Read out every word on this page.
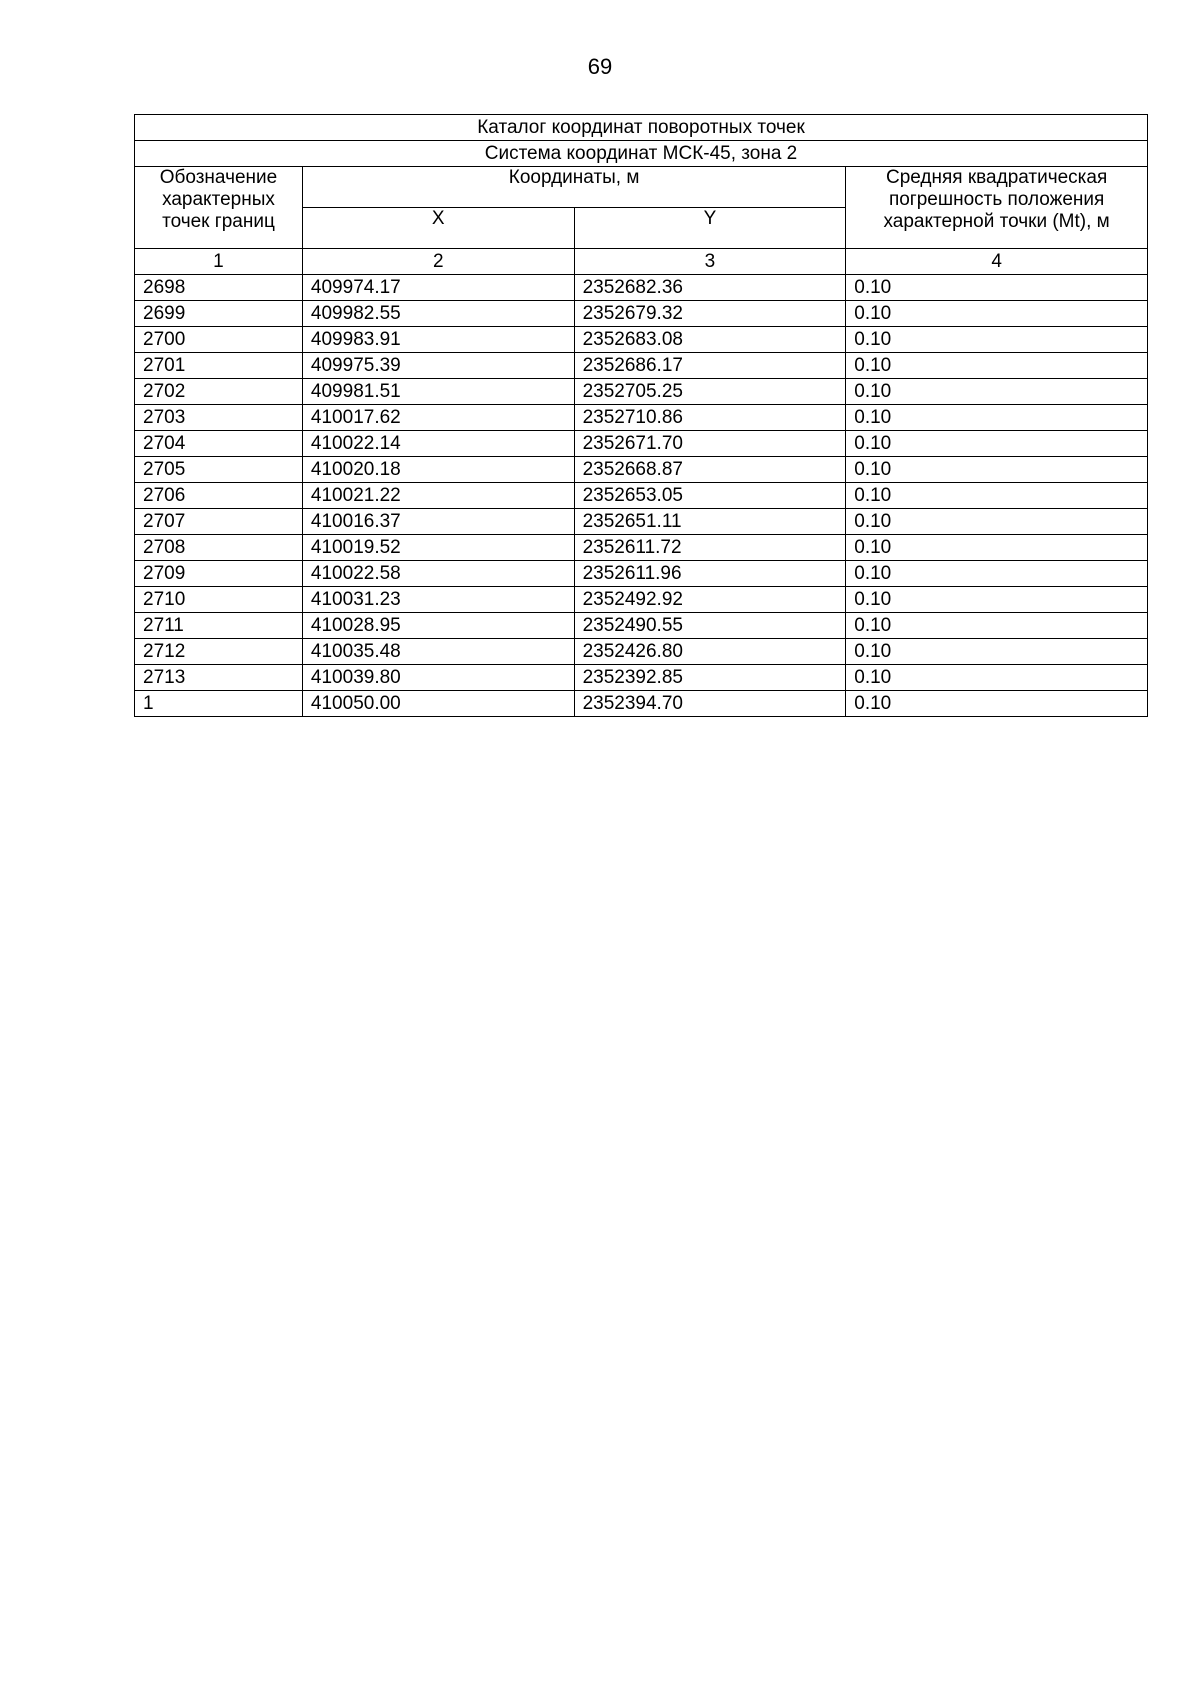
69
Каталог координат поворотных точек			
Система координат МСК-45, зона 2			
Обозначение характерных точек границ	Координаты, м		Средняя квадратическая погрешность положения характерной точки (Mt), м
	X	Y	
1	2	3	4
2698	409974.17	2352682.36	0.10
2699	409982.55	2352679.32	0.10
2700	409983.91	2352683.08	0.10
2701	409975.39	2352686.17	0.10
2702	409981.51	2352705.25	0.10
2703	410017.62	2352710.86	0.10
2704	410022.14	2352671.70	0.10
2705	410020.18	2352668.87	0.10
2706	410021.22	2352653.05	0.10
2707	410016.37	2352651.11	0.10
2708	410019.52	2352611.72	0.10
2709	410022.58	2352611.96	0.10
2710	410031.23	2352492.92	0.10
2711	410028.95	2352490.55	0.10
2712	410035.48	2352426.80	0.10
2713	410039.80	2352392.85	0.10
1	410050.00	2352394.70	0.10
